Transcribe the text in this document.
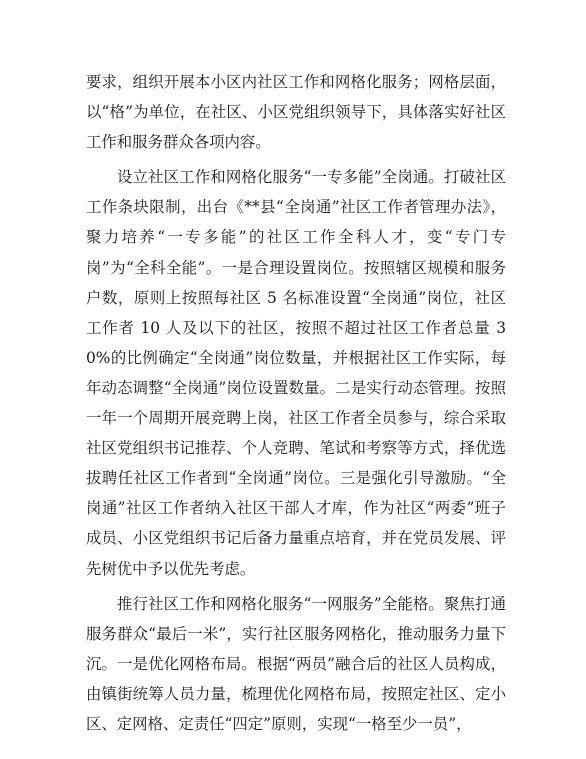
要求，组织开展本小区内社区工作和网格化服务；网格层面，以“格”为单位，在社区、小区党组织领导下，具体落实好社区工作和服务群众各项内容。

设立社区工作和网格化服务“一专多能”全岗通。打破社区工作条块限制，出台《**县“全岗通”社区工作者管理办法》，聚力培养“一专多能”的社区工作全科人才，变“专门专岗”为“全科全能”。一是合理设置岗位。按照辖区规模和服务户数，原则上按照每社区 5 名标准设置“全岗通”岗位，社区工作者 10 人及以下的社区，按照不超过社区工作者总量 30%的比例确定“全岗通”岗位数量，并根据社区工作实际，每年动态调整“全岗通”岗位设置数量。二是实行动态管理。按照一年一个周期开展竞聘上岗，社区工作者全员参与，综合采取社区党组织书记推荐、个人竞聘、笔试和考察等方式，择优选拔聘任社区工作者到“全岗通”岗位。三是强化引导激励。“全岗通”社区工作者纳入社区干部人才库，作为社区“两委”班子成员、小区党组织书记后备力量重点培育，并在党员发展、评先树优中予以优先考虑。

推行社区工作和网格化服务“一网服务”全能格。聚焦打通服务群众“最后一米”，实行社区服务网格化，推动服务力量下沉。一是优化网格布局。根据“两员”融合后的社区人员构成，由镇街统筹人员力量，梳理优化网格布局，按照定社区、定小区、定网格、定责任“四定”原则，实现“一格至少一员”，
